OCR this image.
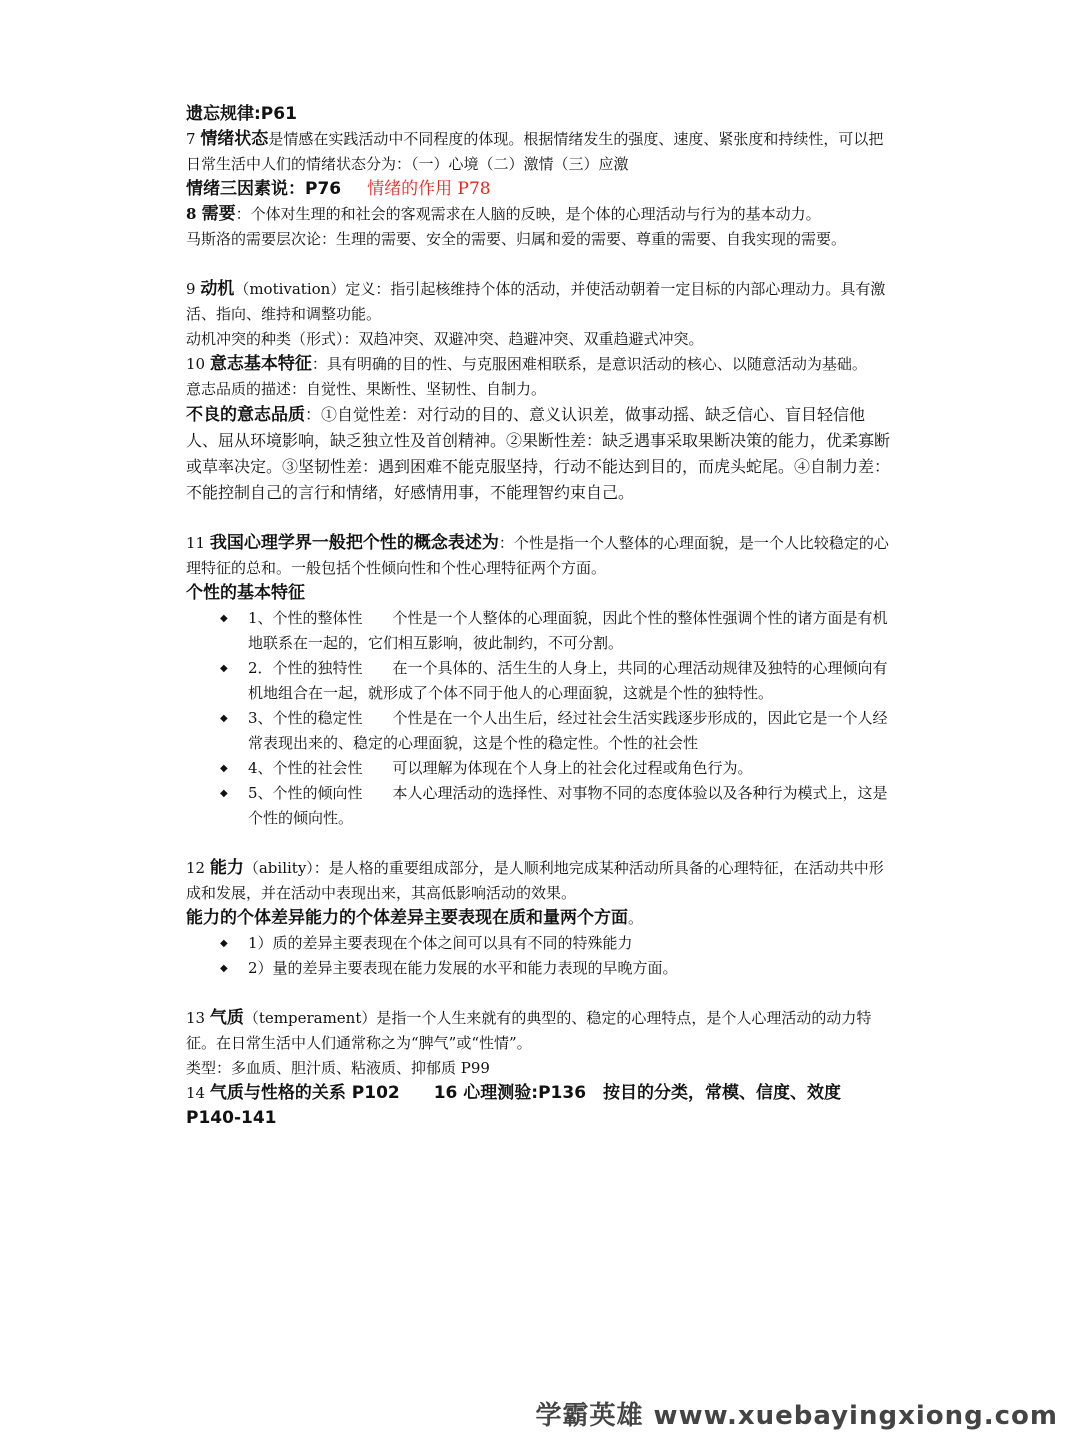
遗忘规律:P61

7 情绪状态是情感在实践活动中不同程度的体现。根据情绪发生的强度、速度、紧张度和持续性，可以把日常生活中人们的情绪状态分为：（一）心境（二）激情（三）应激

情绪三因素说：P76 情绪的作用 P78

8 需要：个体对生理的和社会的客观需求在人脑的反映，是个体的心理活动与行为的基本动力。马斯洛的需要层次论：生理的需要、安全的需要、归属和爱的需要、尊重的需要、自我实现的需要。

9 动机（motivation）定义：指引起核维持个体的活动，并使活动朝着一定目标的内部心理动力。具有激活、指向、维持和调整功能。

动机冲突的种类（形式）：双趋冲突、双避冲突、趋避冲突、双重趋避式冲突。

10 意志基本特征：具有明确的目的性、与克服困难相联系，是意识活动的核心、以随意活动为基础。

意志品质的描述：自觉性、果断性、坚韧性、自制力。

不良的意志品质：①自觉性差：对行动的目的、意义认识差，做事动摇、缺乏信心、盲目轻信他人、屈从环境影响，缺乏独立性及首创精神。②果断性差：缺乏遇事采取果断决策的能力，优柔寡断或草率决定。③坚韧性差：遇到困难不能克服坚持，行动不能达到目的，而虎头蛇尾。④自制力差：不能控制自己的言行和情绪，好感情用事，不能理智约束自己。

11 我国心理学界一般把个性的概念表述为：个性是指一个人整体的心理面貌，是一个人比较稳定的心理特征的总和。一般包括个性倾向性和个性心理特征两个方面。

个性的基本特征

◆ 1、个性的整体性 个性是一个人整体的心理面貌，因此个性的整体性强调个性的诸方面是有机地联系在一起的，它们相互影响，彼此制约，不可分割。
◆ 2．个性的独特性 在一个具体的、活生生的人身上，共同的心理活动规律及独特的心理倾向有机地组合在一起，就形成了个体不同于他人的心理面貌，这就是个性的独特性。
◆ 3、个性的稳定性 个性是在一个人出生后，经过社会生活实践逐步形成的，因此它是一个人经常表现出来的、稳定的心理面貌，这是个性的稳定性。个性的社会性
◆ 4、个性的社会性 可以理解为体现在个人身上的社会化过程或角色行为。
◆ 5、个性的倾向性 本人心理活动的选择性、对事物不同的态度体验以及各种行为模式上，这是个性的倾向性。

12 能力（ability）：是人格的重要组成部分，是人顺利地完成某种活动所具备的心理特征，在活动共中形成和发展，并在活动中表现出来，其高低影响活动的效果。

能力的个体差异能力的个体差异主要表现在质和量两个方面。

◆ 1）质的差异主要表现在个体之间可以具有不同的特殊能力
◆ 2）量的差异主要表现在能力发展的水平和能力表现的早晚方面。

13 气质（temperament）是指一个人生来就有的典型的、稳定的心理特点，是个人心理活动的动力特征。在日常生活中人们通常称之为“脾气”或“性情”。

类型：多血质、胆汁质、粘液质、抑郁质 P99

14 气质与性格的关系 P102　　16 心理测验:P136　按目的分类，常模、信度、效度 P140-141

学霸英雄 www.xuebayingxiong.com
